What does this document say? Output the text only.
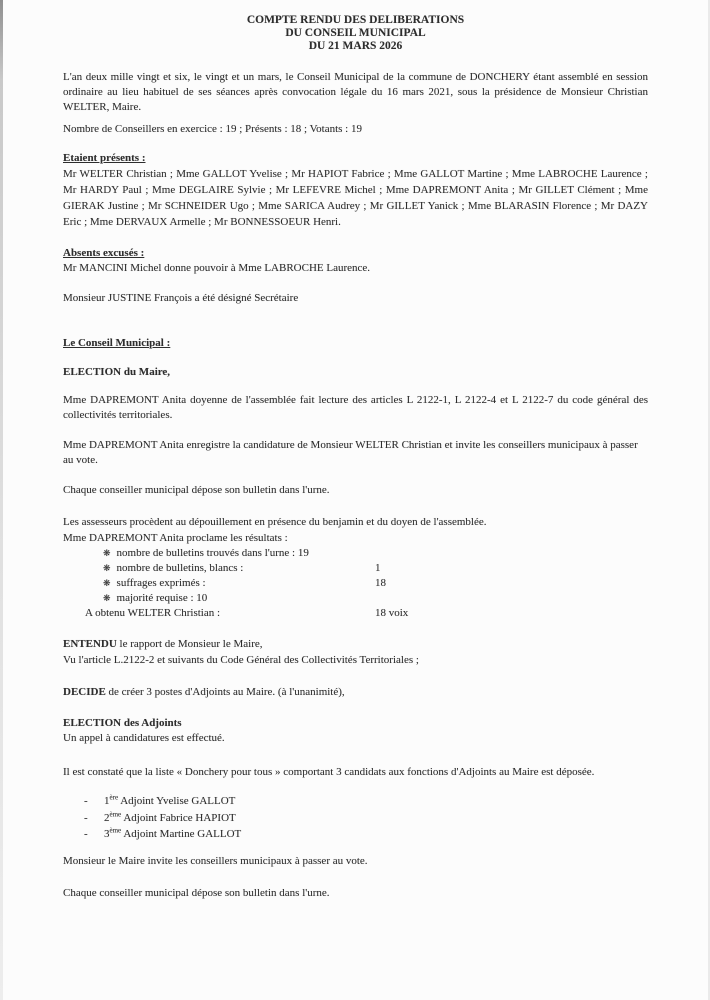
COMPTE RENDU DES DELIBERATIONS
DU CONSEIL MUNICIPAL
DU 21 MARS 2026
L'an deux mille vingt et six, le vingt et un mars, le Conseil Municipal de la commune de DONCHERY étant assemblé en session ordinaire au lieu habituel de ses séances après convocation légale du 16 mars 2021, sous la présidence de Monsieur Christian WELTER, Maire.
Nombre de Conseillers en exercice : 19 ; Présents : 18 ; Votants : 19
Etaient présents :
Mr WELTER Christian ; Mme GALLOT Yvelise ; Mr HAPIOT Fabrice ; Mme GALLOT Martine ; Mme LABROCHE Laurence ; Mr HARDY Paul ; Mme DEGLAIRE Sylvie ; Mr LEFEVRE Michel ; Mme DAPREMONT Anita ; Mr GILLET Clément ; Mme GIERAK Justine ; Mr SCHNEIDER Ugo ; Mme SARICA Audrey ; Mr GILLET Yanick ; Mme BLARASIN Florence ; Mr DAZY Eric ; Mme DERVAUX Armelle ; Mr BONNESSOEUR Henri.
Absents excusés :
Mr MANCINI Michel donne pouvoir à Mme LABROCHE Laurence.
Monsieur JUSTINE François a été désigné Secrétaire
Le Conseil Municipal :
ELECTION du Maire,
Mme DAPREMONT Anita doyenne de l'assemblée fait lecture des articles L 2122-1, L 2122-4 et L 2122-7 du code général des collectivités territoriales.
Mme DAPREMONT Anita enregistre la candidature de Monsieur WELTER Christian et invite les conseillers municipaux à passer au vote.
Chaque conseiller municipal dépose son bulletin dans l'urne.
Les assesseurs procèdent au dépouillement en présence du benjamin et du doyen de l'assemblée.
Mme DAPREMONT Anita proclame les résultats :
❋ nombre de bulletins trouvés dans l'urne : 19
❋ nombre de bulletins, blancs :	1
❋ suffrages exprimés :	18
❋ majorité requise : 10
A obtenu WELTER Christian :	18 voix
ENTENDU le rapport de Monsieur le Maire,
Vu l'article L.2122-2 et suivants du Code Général des Collectivités Territoriales ;
DECIDE de créer 3 postes d'Adjoints au Maire. (à l'unanimité),
ELECTION des Adjoints
Un appel à candidatures est effectué.
Il est constaté que la liste « Donchery pour tous » comportant 3 candidats aux fonctions d'Adjoints au Maire est déposée.
- 1ère Adjoint Yvelise GALLOT
- 2ème Adjoint Fabrice HAPIOT
- 3ème Adjoint Martine GALLOT
Monsieur le Maire invite les conseillers municipaux à passer au vote.
Chaque conseiller municipal dépose son bulletin dans l'urne.
